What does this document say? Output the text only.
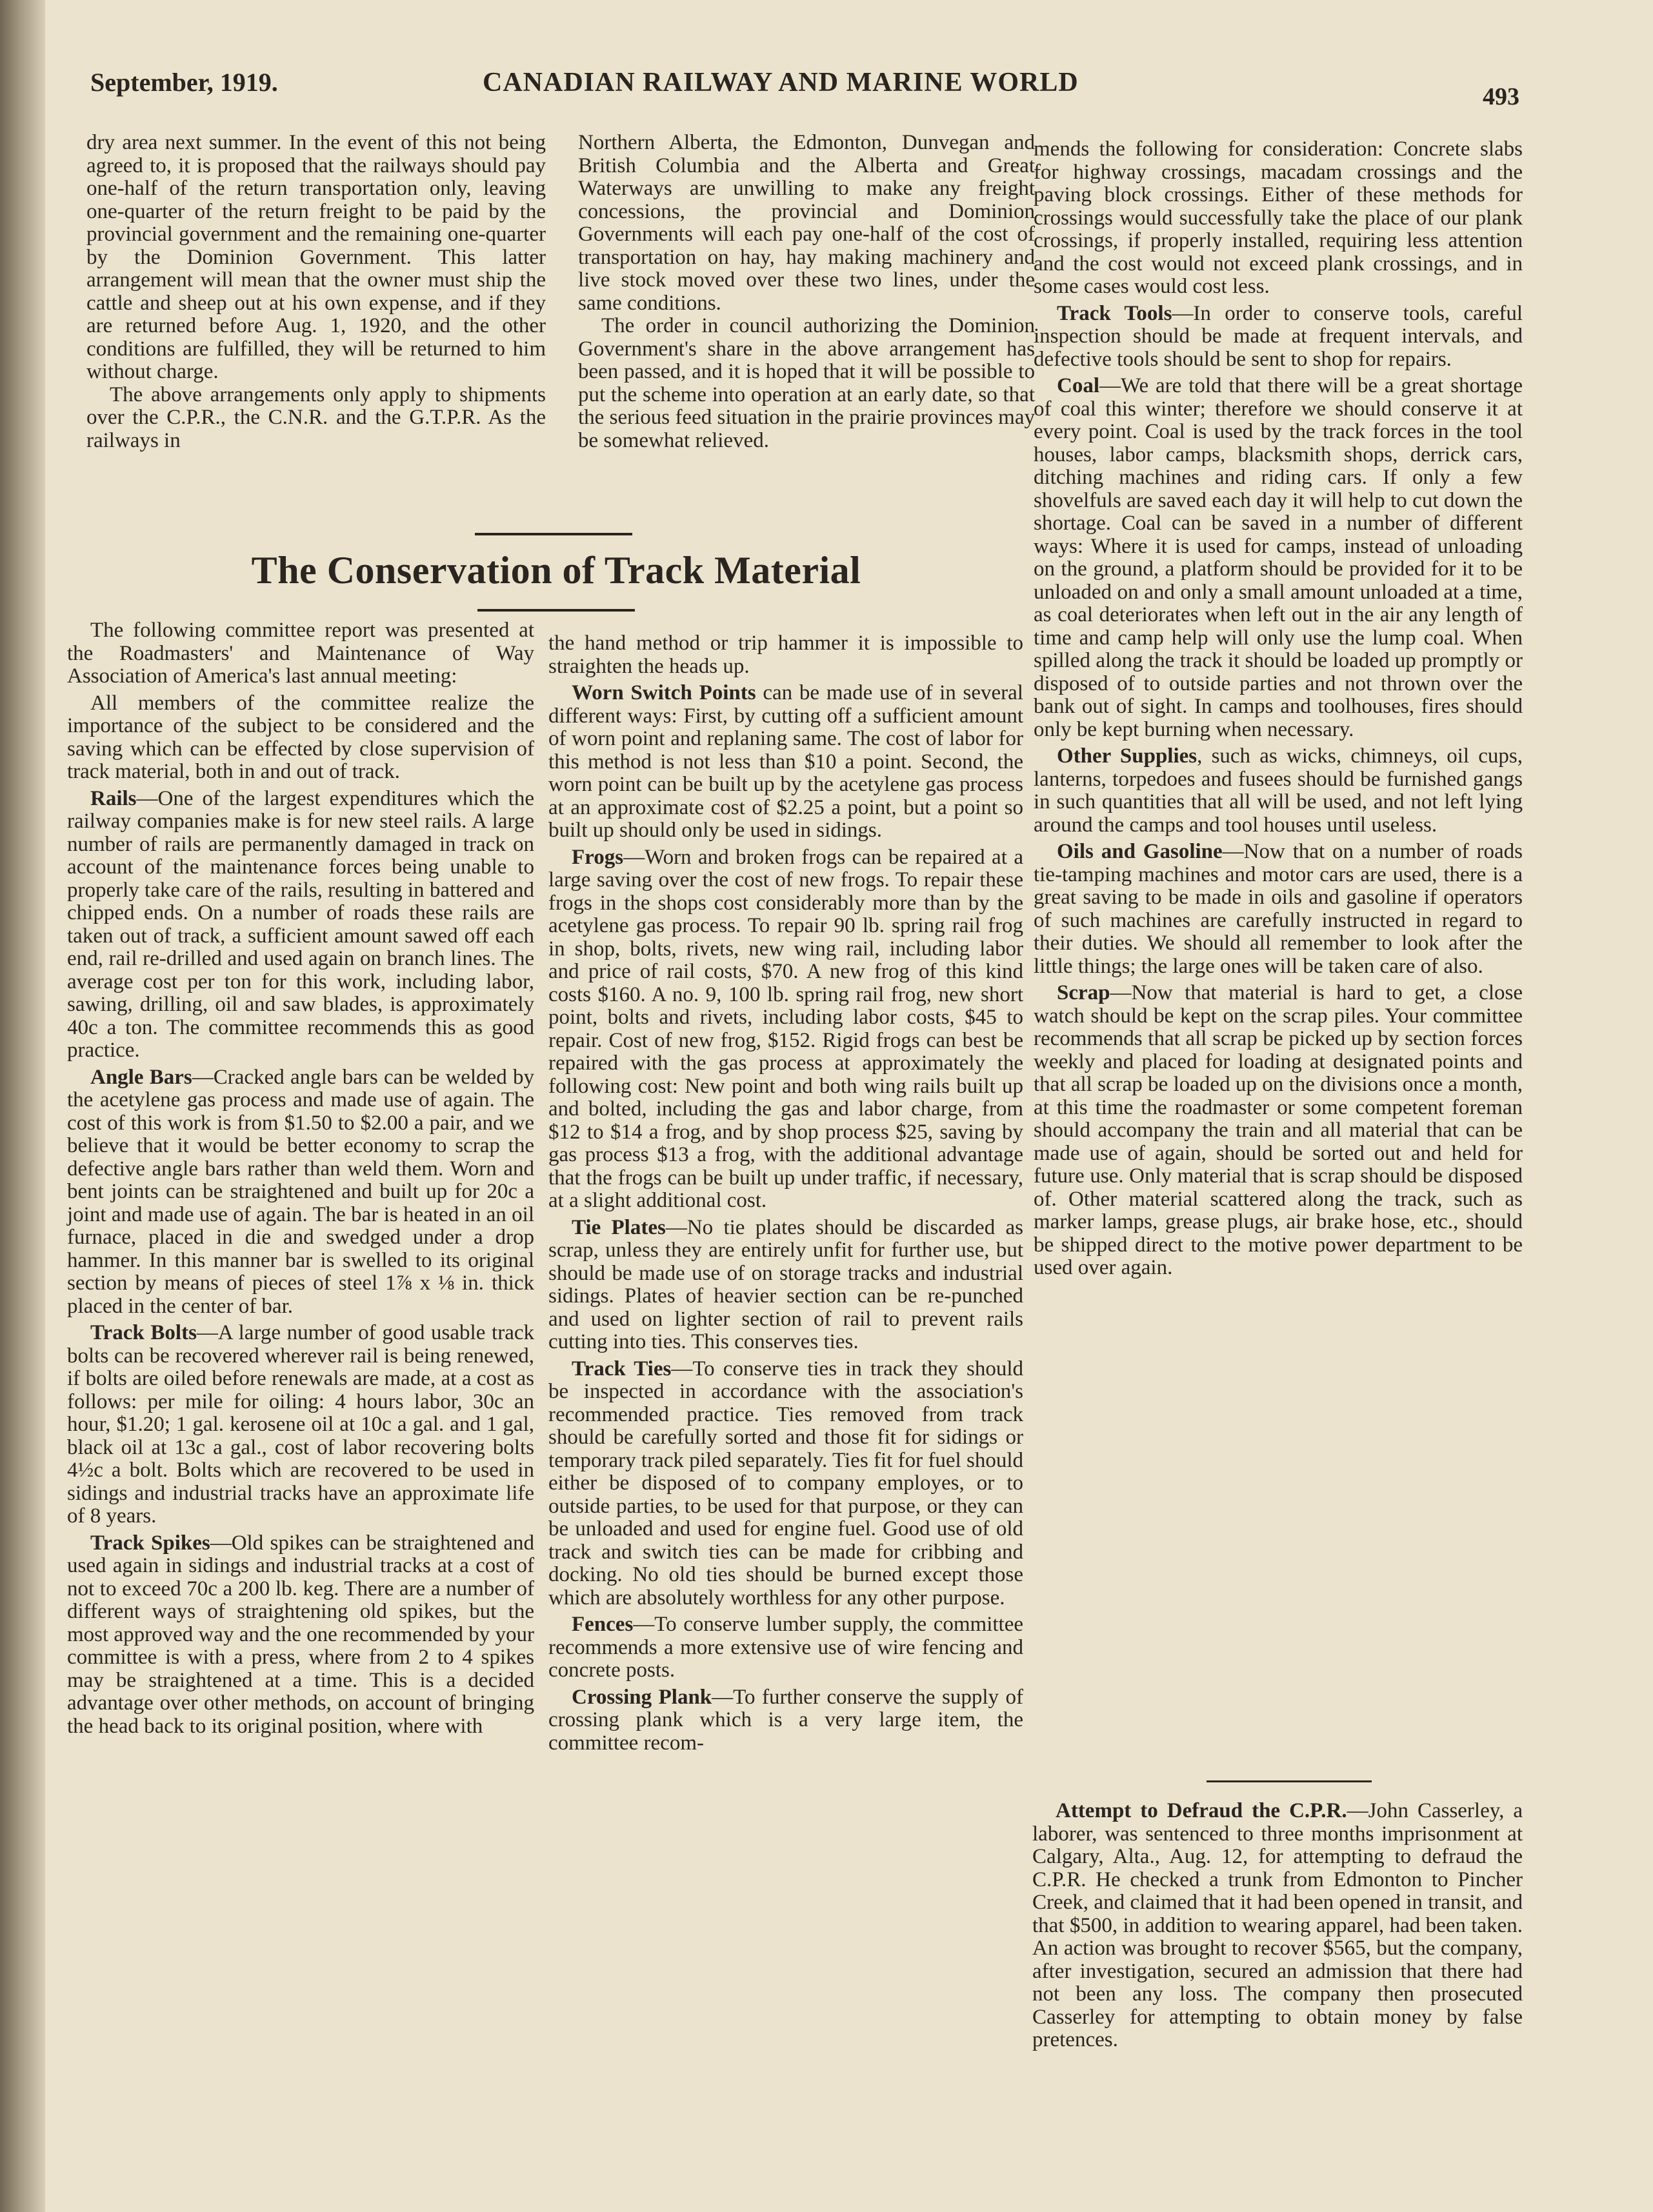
September, 1919.	CANADIAN RAILWAY AND MARINE WORLD	493

dry area next summer. In the event of this not being agreed to, it is proposed that the railways should pay one-half of the return transportation only, leaving one-quarter of the return freight to be paid by the provincial government and the remaining one-quarter by the Dominion Government. This latter arrangement will mean that the owner must ship the cattle and sheep out at his own expense, and if they are returned before Aug. 1, 1920, and the other conditions are fulfilled, they will be returned to him without charge.

The above arrangements only apply to shipments over the C.P.R., the C.N.R. and the G.T.P.R. As the railways in

Northern Alberta, the Edmonton, Dunvegan and British Columbia and the Alberta and Great Waterways are unwilling to make any freight concessions, the provincial and Dominion Governments will each pay one-half of the cost of transportation on hay, hay making machinery and live stock moved over these two lines, under the same conditions.

The order in council authorizing the Dominion Government's share in the above arrangement has been passed, and it is hoped that it will be possible to put the scheme into operation at an early date, so that the serious feed situation in the prairie provinces may be somewhat relieved.

The Conservation of Track Material

The following committee report was presented at the Roadmasters' and Maintenance of Way Association of America's last annual meeting:

All members of the committee realize the importance of the subject to be considered and the saving which can be effected by close supervision of track material, both in and out of track.

Rails—One of the largest expenditures which the railway companies make is for new steel rails. A large number of rails are permanently damaged in track on account of the maintenance forces being unable to properly take care of the rails, resulting in battered and chipped ends. On a number of roads these rails are taken out of track, a sufficient amount sawed off each end, rail re-drilled and used again on branch lines. The average cost per ton for this work, including labor, sawing, drilling, oil and saw blades, is approximately 40c a ton. The committee recommends this as good practice.

Angle Bars—Cracked angle bars can be welded by the acetylene gas process and made use of again. The cost of this work is from $1.50 to $2.00 a pair, and we believe that it would be better economy to scrap the defective angle bars rather than weld them. Worn and bent joints can be straightened and built up for 20c a joint and made use of again. The bar is heated in an oil furnace, placed in die and swedged under a drop hammer. In this manner bar is swelled to its original section by means of pieces of steel 1⅞ x ⅛ in. thick placed in the center of bar.

Track Bolts—A large number of good usable track bolts can be recovered wherever rail is being renewed, if bolts are oiled before renewals are made, at a cost as follows: per mile for oiling: 4 hours labor, 30c an hour, $1.20; 1 gal. kerosene oil at 10c a gal. and 1 gal, black oil at 13c a gal., cost of labor recovering bolts 4½c a bolt. Bolts which are recovered to be used in sidings and industrial tracks have an approximate life of 8 years.

Track Spikes—Old spikes can be straightened and used again in sidings and industrial tracks at a cost of not to exceed 70c a 200 lb. keg. There are a number of different ways of straightening old spikes, but the most approved way and the one recommended by your committee is with a press, where from 2 to 4 spikes may be straightened at a time. This is a decided advantage over other methods, on account of bringing the head back to its original position, where with

the hand method or trip hammer it is impossible to straighten the heads up.

Worn Switch Points can be made use of in several different ways: First, by cutting off a sufficient amount of worn point and replaning same. The cost of labor for this method is not less than $10 a point. Second, the worn point can be built up by the acetylene gas process at an approximate cost of $2.25 a point, but a point so built up should only be used in sidings.

Frogs—Worn and broken frogs can be repaired at a large saving over the cost of new frogs. To repair these frogs in the shops cost considerably more than by the acetylene gas process. To repair 90 lb. spring rail frog in shop, bolts, rivets, new wing rail, including labor and price of rail costs, $70. A new frog of this kind costs $160. A no. 9, 100 lb. spring rail frog, new short point, bolts and rivets, including labor costs, $45 to repair. Cost of new frog, $152. Rigid frogs can best be repaired with the gas process at approximately the following cost: New point and both wing rails built up and bolted, including the gas and labor charge, from $12 to $14 a frog, and by shop process $25, saving by gas process $13 a frog, with the additional advantage that the frogs can be built up under traffic, if necessary, at a slight additional cost.

Tie Plates—No tie plates should be discarded as scrap, unless they are entirely unfit for further use, but should be made use of on storage tracks and industrial sidings. Plates of heavier section can be re-punched and used on lighter section of rail to prevent rails cutting into ties. This conserves ties.

Track Ties—To conserve ties in track they should be inspected in accordance with the association's recommended practice. Ties removed from track should be carefully sorted and those fit for sidings or temporary track piled separately. Ties fit for fuel should either be disposed of to company employes, or to outside parties, to be used for that purpose, or they can be unloaded and used for engine fuel. Good use of old track and switch ties can be made for cribbing and docking. No old ties should be burned except those which are absolutely worthless for any other purpose.

Fences—To conserve lumber supply, the committee recommends a more extensive use of wire fencing and concrete posts.

Crossing Plank—To further conserve the supply of crossing plank which is a very large item, the committee recom-

mends the following for consideration: Concrete slabs for highway crossings, macadam crossings and the paving block crossings. Either of these methods for crossings would successfully take the place of our plank crossings, if properly installed, requiring less attention and the cost would not exceed plank crossings, and in some cases would cost less.

Track Tools—In order to conserve tools, careful inspection should be made at frequent intervals, and defective tools should be sent to shop for repairs.

Coal—We are told that there will be a great shortage of coal this winter; therefore we should conserve it at every point. Coal is used by the track forces in the tool houses, labor camps, blacksmith shops, derrick cars, ditching machines and riding cars. If only a few shovelfuls are saved each day it will help to cut down the shortage. Coal can be saved in a number of different ways: Where it is used for camps, instead of unloading on the ground, a platform should be provided for it to be unloaded on and only a small amount unloaded at a time, as coal deteriorates when left out in the air any length of time and camp help will only use the lump coal. When spilled along the track it should be loaded up promptly or disposed of to outside parties and not thrown over the bank out of sight. In camps and toolhouses, fires should only be kept burning when necessary.

Other Supplies, such as wicks, chimneys, oil cups, lanterns, torpedoes and fusees should be furnished gangs in such quantities that all will be used, and not left lying around the camps and tool houses until useless.

Oils and Gasoline—Now that on a number of roads tie-tamping machines and motor cars are used, there is a great saving to be made in oils and gasoline if operators of such machines are carefully instructed in regard to their duties. We should all remember to look after the little things; the large ones will be taken care of also.

Scrap—Now that material is hard to get, a close watch should be kept on the scrap piles. Your committee recommends that all scrap be picked up by section forces weekly and placed for loading at designated points and that all scrap be loaded up on the divisions once a month, at this time the roadmaster or some competent foreman should accompany the train and all material that can be made use of again, should be sorted out and held for future use. Only material that is scrap should be disposed of. Other material scattered along the track, such as marker lamps, grease plugs, air brake hose, etc., should be shipped direct to the motive power department to be used over again.

Attempt to Defraud the C.P.R.—John Casserley, a laborer, was sentenced to three months imprisonment at Calgary, Alta., Aug. 12, for attempting to defraud the C.P.R. He checked a trunk from Edmonton to Pincher Creek, and claimed that it had been opened in transit, and that $500, in addition to wearing apparel, had been taken. An action was brought to recover $565, but the company, after investigation, secured an admission that there had not been any loss. The company then prosecuted Casserley for attempting to obtain money by false pretences.
